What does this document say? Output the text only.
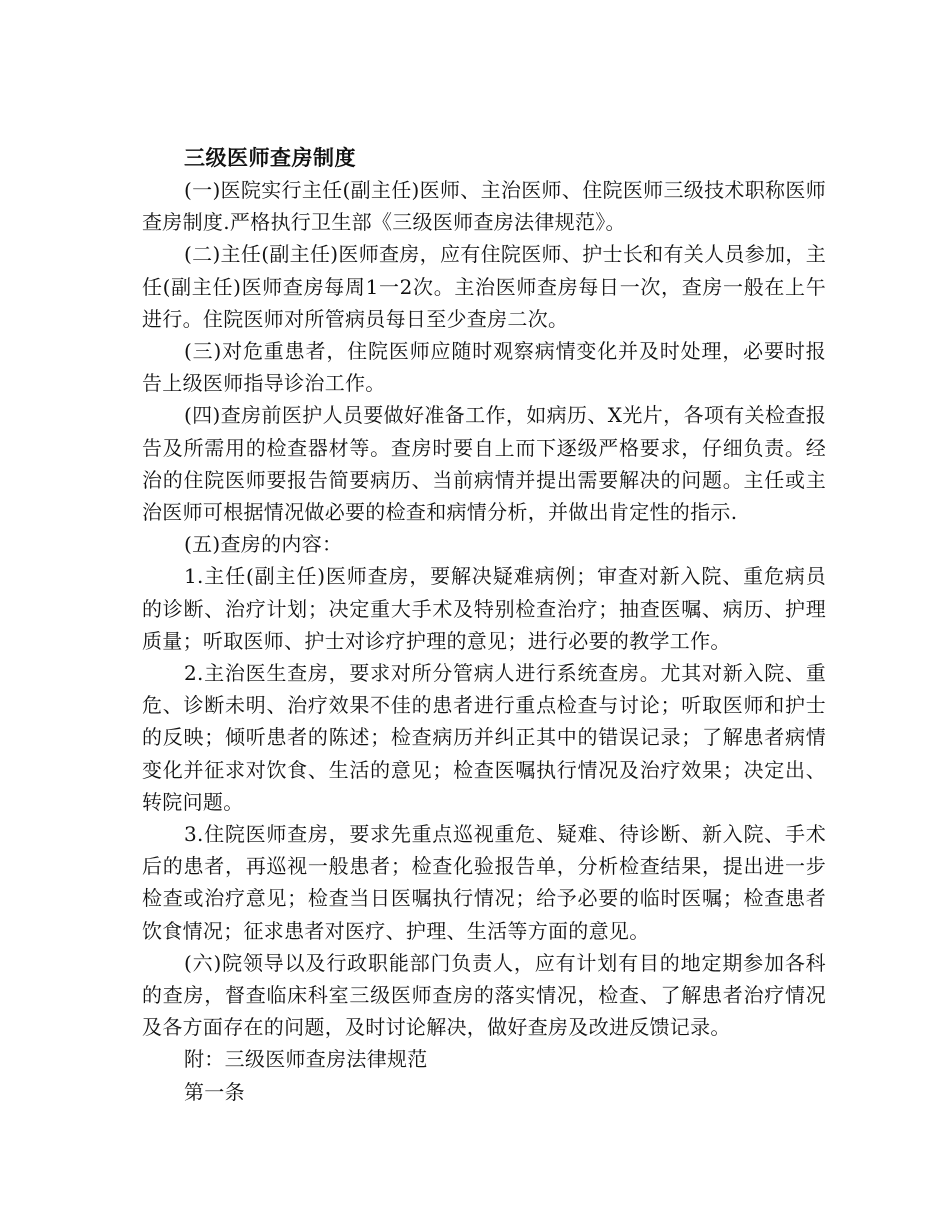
三级医师查房制度

(一)医院实行主任(副主任)医师、主治医师、住院医师三级技术职称医师查房制度.严格执行卫生部《三级医师查房法律规范》。

(二)主任(副主任)医师查房，应有住院医师、护士长和有关人员参加，主任(副主任)医师查房每周1一2次。主治医师查房每日一次，查房一般在上午进行。住院医师对所管病员每日至少查房二次。

(三)对危重患者，住院医师应随时观察病情变化并及时处理，必要时报告上级医师指导诊治工作。

(四)查房前医护人员要做好准备工作，如病历、X光片，各项有关检查报告及所需用的检查器材等。查房时要自上而下逐级严格要求，仔细负责。经治的住院医师要报告简要病历、当前病情并提出需要解决的问题。主任或主治医师可根据情况做必要的检查和病情分析，并做出肯定性的指示.

(五)查房的内容：

1.主任(副主任)医师查房，要解决疑难病例；审查对新入院、重危病员的诊断、治疗计划；决定重大手术及特别检查治疗；抽查医嘱、病历、护理质量；听取医师、护士对诊疗护理的意见；进行必要的教学工作。

2.主治医生查房，要求对所分管病人进行系统查房。尤其对新入院、重危、诊断未明、治疗效果不佳的患者进行重点检查与讨论；听取医师和护士的反映；倾听患者的陈述；检查病历并纠正其中的错误记录；了解患者病情变化并征求对饮食、生活的意见；检查医嘱执行情况及治疗效果；决定出、转院问题。

3.住院医师查房，要求先重点巡视重危、疑难、待诊断、新入院、手术后的患者，再巡视一般患者；检查化验报告单，分析检查结果，提出进一步检查或治疗意见；检查当日医嘱执行情况；给予必要的临时医嘱；检查患者饮食情况；征求患者对医疗、护理、生活等方面的意见。

(六)院领导以及行政职能部门负责人，应有计划有目的地定期参加各科的查房，督查临床科室三级医师查房的落实情况，检查、了解患者治疗情况及各方面存在的问题，及时讨论解决，做好查房及改进反馈记录。

附：三级医师查房法律规范

第一条
